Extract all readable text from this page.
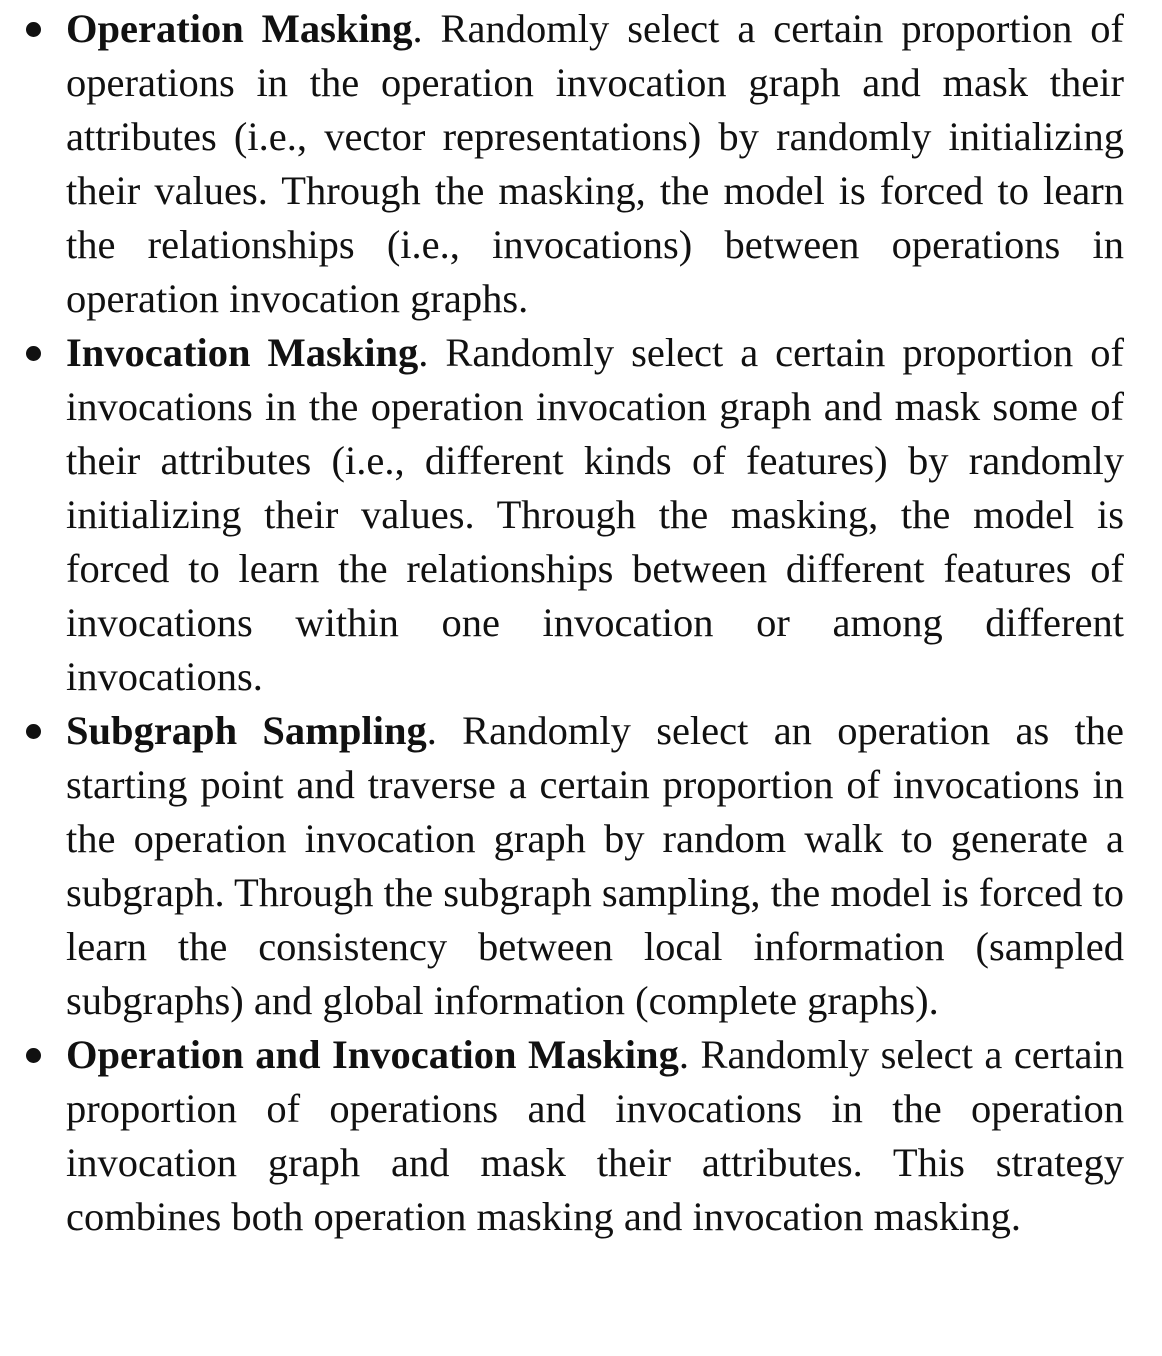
Operation Masking. Randomly select a certain proportion of operations in the operation invocation graph and mask their attributes (i.e., vector representations) by randomly initializing their values. Through the masking, the model is forced to learn the relationships (i.e., invocations) between operations in operation invocation graphs.
Invocation Masking. Randomly select a certain proportion of invocations in the operation invocation graph and mask some of their attributes (i.e., different kinds of features) by randomly initializing their values. Through the masking, the model is forced to learn the relationships between different features of invocations within one invocation or among different invocations.
Subgraph Sampling. Randomly select an operation as the starting point and traverse a certain proportion of invocations in the operation invocation graph by random walk to generate a subgraph. Through the subgraph sampling, the model is forced to learn the consistency between local information (sampled subgraphs) and global information (complete graphs).
Operation and Invocation Masking. Randomly select a certain proportion of operations and invocations in the operation invocation graph and mask their attributes. This strategy combines both operation masking and invocation masking.
